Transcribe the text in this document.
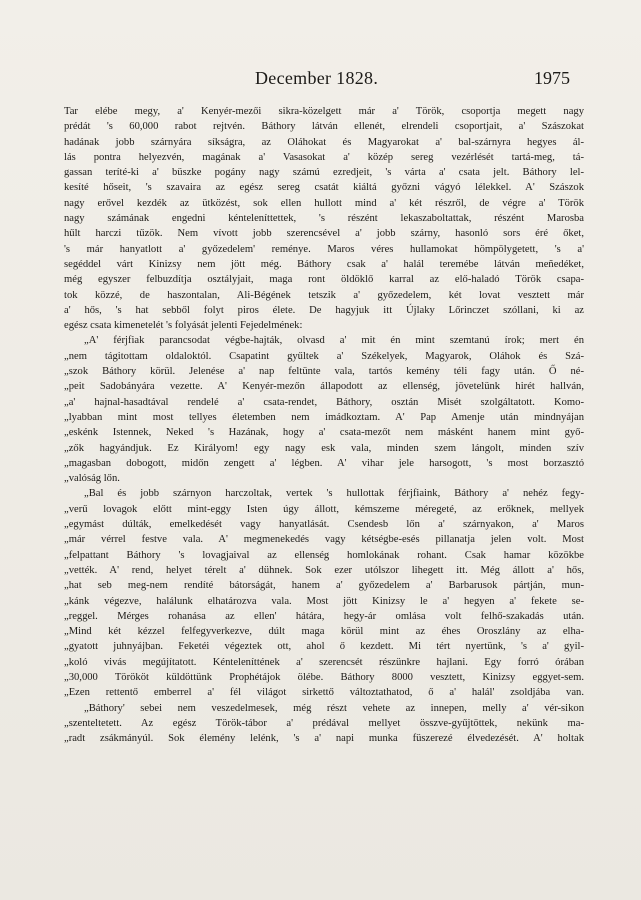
December 1828.	1975
Tar elébe megy, a' Kenyér-mezői sikra-közelgett már a' Török, csoportja megett nagy
prédát 's 60,000 rabot rejtvén. Báthory látván ellenét, elrendeli csoportjait, a' Szászokat
hadának jobb szárnyára síkságra, az Oláhokat és Magyarokat a' bal-szárnyra hegyes ál-
lás pontra helyezvén, magának a' Vasasokat a' közép sereg vezérlését tartá-meg, tá-
gassan teríté-ki a' büszke pogány nagy számú ezredjeit, 's várta a' csata jelt. Báthory lel-
kesíté hőseit, 's szavaira az egész sereg csatát kiáltá győzni vágyó lélekkel. A' Szászok
nagy erővel kezdék az ütközést, sok ellen hullott mind a' két részről, de végre a' Török
nagy számának engedni kénteleníttettek, 's részént lekaszaboltattak, részént Marosba
hűlt harczi tűzök. Nem vívott jobb szerencsével a' jobb szárny, hasonló sors éré őket,
's már hanyatlott a' győzedelem' reménye. Maros véres hullamokat hömpölygetett, 's a'
segéddel várt Kinizsy nem jött még. Báthory csak a' halál teremébe látván meñedéket,
még egyszer felbuzdítja osztályjait, maga ront öldöklő karral az elő-haladó Török csapa-
tok közzé, de haszontalan, Ali-Bégének tetszik a' győzedelem, két lovat vesztett már
a' hős, 's hat sebből folyt piros élete. De hagyjuk itt Újlaky Lőrinczet szóllani, ki az
egész csata kimenetelét 's folyását jelenti Fejedelmének:
„A' férjfiak parancsodat végbe-hajták, olvasd a' mit én mint szemtanú írok; mert én
„nem tágitottam oldaloktól. Csapatint gyűltek a' Székelyek, Magyarok, Oláhok és Szá-
„szok Báthory körül. Jelenése a' nap feltünte vala, tartós kemény téli fagy után. Ő né-
„peit Sadobányára vezette. A' Kenyér-mezőn állapodott az ellenség, jövetelünk hirét hallván,
„a' hajnal-hasadtával rendelé a' csata-rendet, Báthory, osztán Misét szolgáltatott. Komo-
„lyabban mint most tellyes életemben nem imádkoztam. A' Pap Amenje után mindnyájan
„eskénk Istennek, Neked 's Hazának, hogy a' csata-mezőt nem másként hanem mint győ-
„zők hagyándjuk. Ez Királyom! egy nagy esk vala, minden szem lángolt, minden szív
„magasban dobogott, midőn zengett a' légben. A' vihar jele harsogott, 's most borzasztó
„valóság lőn.
„Bal és jobb szárnyon harczoltak, vertek 's hullottak férjfiaink, Báthory a' nehéz fegy-
„verű lovagok előtt mint-eggy Isten úgy állott, kémszeme méregeté, az erőknek, mellyek
„egymást dúlták, emelkedését vagy hanyatlását. Csendesb lőn a' szárnyakon, a' Maros
„már vérrel festve vala. A' megmenekedés vagy kétségbe-esés pillanatja jelen volt. Most
„felpattant Báthory 's lovagjaival az ellenség homlokának rohant. Csak hamar közökbe
„vették. A' rend, helyet térelt a' dühnek. Sok ezer utólszor lihegett itt. Még állott a' hős,
„hat seb meg-nem rendíté bátorságát, hanem a' győzedelem a' Barbarusok pártján, mun-
„kánk végezve, halálunk elhatározva vala. Most jött Kinizsy le a' hegyen a' fekete se-
„reggel. Mérges rohanása az ellen' hátára, hegy-ár omlása volt felhő-szakadás után.
„Mind két kézzel felfegyverkezve, dúlt maga körül mint az éhes Oroszlány az elha-
„gyatott juhnyájban. Feketéi végeztek ott, ahol ő kezdett. Mi tért nyertünk, 's a' gyil-
„koló vivás megújítatott. Kénteleníttének a' szerencsét részünkre hajlani. Egy forró órában
„30,000 Törököt küldöttünk Prophétájok ölébe. Báthory 8000 vesztett, Kinizsy eggyet-sem.
„Ezen rettentő emberrel a' fél világot sirkettő változtathatod, ő a' halál' zsoldjába van.
„Báthory' sebei nem veszedelmesek, még részt vehete az innepen, melly a' vér-sikon
„szenteltetett. Az egész Török-tábor a' prédával mellyet összve-gyűjtöttek, nekünk ma-
„radt zsákmányúl. Sok élemény lelénk, 's a' napi munka füszerezé élvedezését. A' holtak
